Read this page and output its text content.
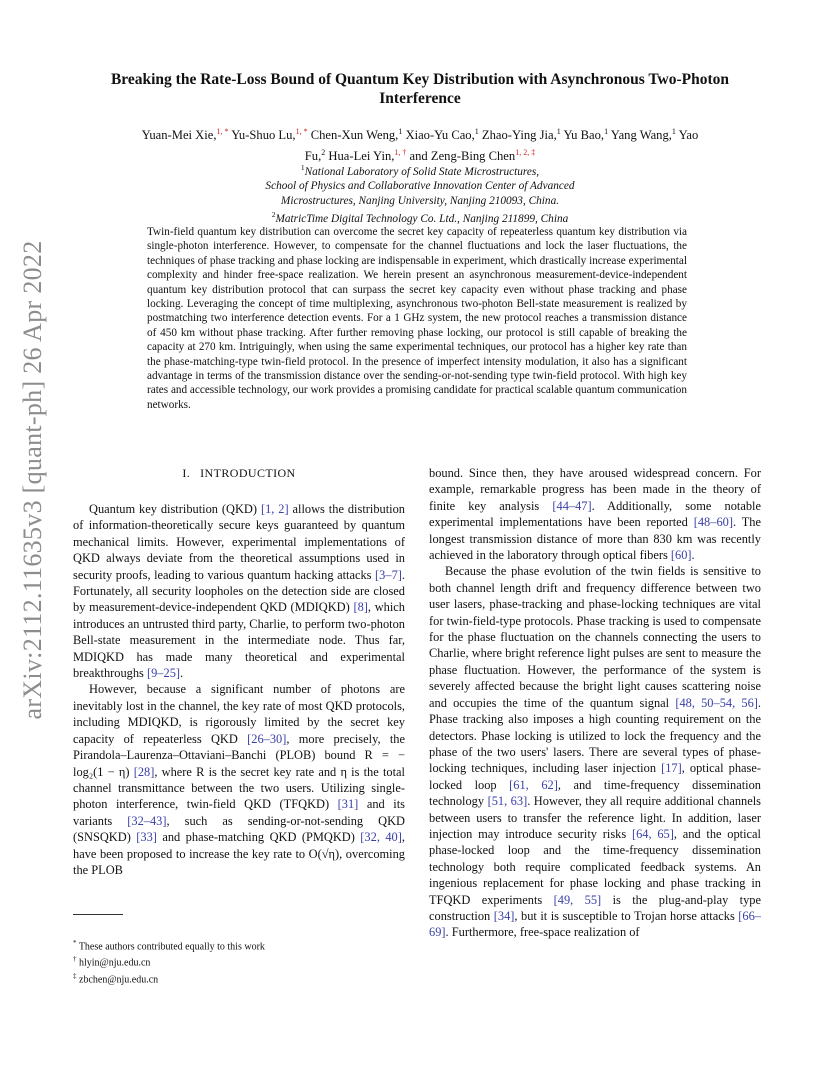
arXiv:2112.11635v3 [quant-ph] 26 Apr 2022
Breaking the Rate-Loss Bound of Quantum Key Distribution with Asynchronous Two-Photon Interference
Yuan-Mei Xie,$^{1, *}$ Yu-Shuo Lu,$^{1, *}$ Chen-Xun Weng,$^1$ Xiao-Yu Cao,$^1$ Zhao-Ying Jia,$^1$ Yu Bao,$^1$ Yang Wang,$^1$ Yao Fu,$^2$ Hua-Lei Yin,$^{1, \dagger}$ and Zeng-Bing Chen$^{1, 2, \ddagger}$
$^1$National Laboratory of Solid State Microstructures,
School of Physics and Collaborative Innovation Center of Advanced
Microstructures, Nanjing University, Nanjing 210093, China.
$^2$MatricTime Digital Technology Co. Ltd., Nanjing 211899, China

Twin-field quantum key distribution can overcome the secret key capacity of repeaterless quantum key distribution via single-photon interference. However, to compensate for the channel fluctuations and lock the laser fluctuations, the techniques of phase tracking and phase locking are indispensable in experiment, which drastically increase experimental complexity and hinder free-space realization. We herein present an asynchronous measurement-device-independent quantum key distribution protocol that can surpass the secret key capacity even without phase tracking and phase locking. Leveraging the concept of time multiplexing, asynchronous two-photon Bell-state measurement is realized by postmatching two interference detection events. For a 1 GHz system, the new protocol reaches a transmission distance of 450 km without phase tracking. After further removing phase locking, our protocol is still capable of breaking the capacity at 270 km. Intriguingly, when using the same experimental techniques, our protocol has a higher key rate than the phase-matching-type twin-field protocol. In the presence of imperfect intensity modulation, it also has a significant advantage in terms of the transmission distance over the sending-or-not-sending type twin-field protocol. With high key rates and accessible technology, our work provides a promising candidate for practical scalable quantum communication networks.

I. INTRODUCTION

Quantum key distribution (QKD) [1, 2] allows the distribution of information-theoretically secure keys guaranteed by quantum mechanical limits. However, experimental implementations of QKD always deviate from the theoretical assumptions used in security proofs, leading to various quantum hacking attacks [3–7]. Fortunately, all security loopholes on the detection side are closed by measurement-device-independent QKD (MDIQKD) [8], which introduces an untrusted third party, Charlie, to perform two-photon Bell-state measurement in the intermediate node. Thus far, MDIQKD has made many theoretical and experimental breakthroughs [9–25].

However, because a significant number of photons are inevitably lost in the channel, the key rate of most QKD protocols, including MDIQKD, is rigorously limited by the secret key capacity of repeaterless QKD [26–30], more precisely, the Pirandola–Laurenza–Ottaviani–Banchi (PLOB) bound R = − log₂(1 − η) [28], where R is the secret key rate and η is the total channel transmittance between the two users. Utilizing single-photon interference, twin-field QKD (TFQKD) [31] and its variants [32–43], such as sending-or-not-sending QKD (SNSQKD) [33] and phase-matching QKD (PMQKD) [32, 40], have been proposed to increase the key rate to O(√η), overcoming the PLOB

bound. Since then, they have aroused widespread concern. For example, remarkable progress has been made in the theory of finite key analysis [44–47]. Additionally, some notable experimental implementations have been reported [48–60]. The longest transmission distance of more than 830 km was recently achieved in the laboratory through optical fibers [60].

Because the phase evolution of the twin fields is sensitive to both channel length drift and frequency difference between two user lasers, phase-tracking and phase-locking techniques are vital for twin-field-type protocols. Phase tracking is used to compensate for the phase fluctuation on the channels connecting the users to Charlie, where bright reference light pulses are sent to measure the phase fluctuation. However, the performance of the system is severely affected because the bright light causes scattering noise and occupies the time of the quantum signal [48, 50–54, 56]. Phase tracking also imposes a high counting requirement on the detectors. Phase locking is utilized to lock the frequency and the phase of the two users' lasers. There are several types of phase-locking techniques, including laser injection [17], optical phase-locked loop [61, 62], and time-frequency dissemination technology [51, 63]. However, they all require additional channels between users to transfer the reference light. In addition, laser injection may introduce security risks [64, 65], and the optical phase-locked loop and the time-frequency dissemination technology both require complicated feedback systems. An ingenious replacement for phase locking and phase tracking in TFQKD experiments [49, 55] is the plug-and-play type construction [34], but it is susceptible to Trojan horse attacks [66–69]. Furthermore, free-space realization of

* These authors contributed equally to this work
† hlyin@nju.edu.cn
‡ zbchen@nju.edu.cn
